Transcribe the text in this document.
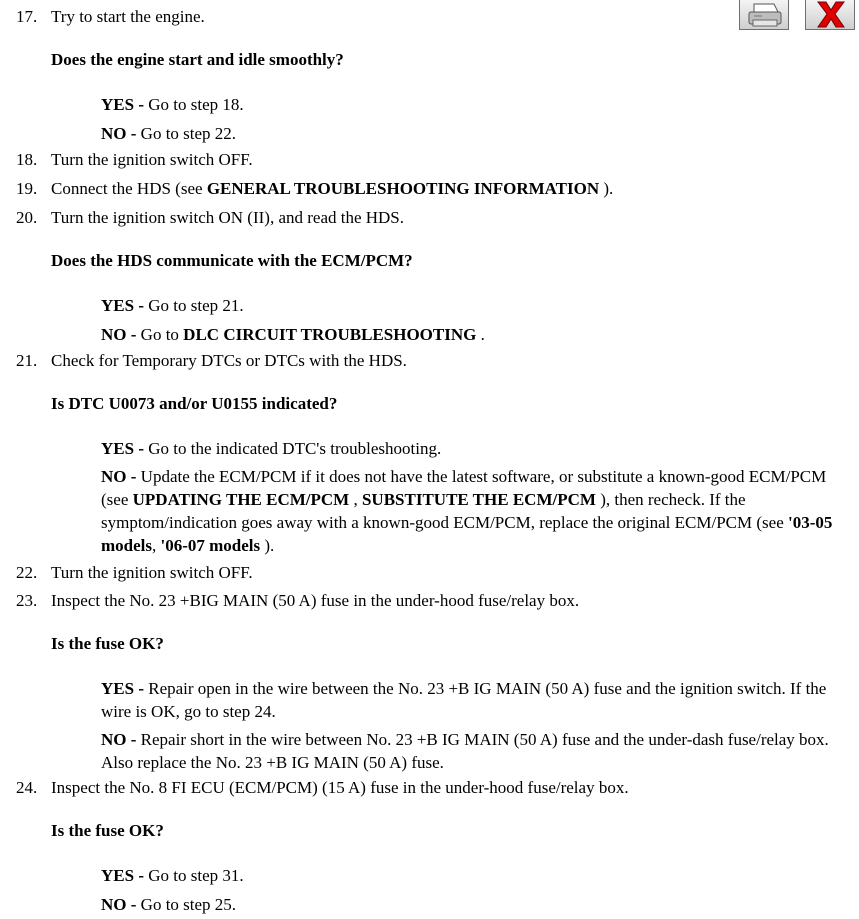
17. Try to start the engine.
Does the engine start and idle smoothly?
YES - Go to step 18.
NO - Go to step 22.
18. Turn the ignition switch OFF.
19. Connect the HDS (see GENERAL TROUBLESHOOTING INFORMATION ).
20. Turn the ignition switch ON (II), and read the HDS.
Does the HDS communicate with the ECM/PCM?
YES - Go to step 21.
NO - Go to DLC CIRCUIT TROUBLESHOOTING .
21. Check for Temporary DTCs or DTCs with the HDS.
Is DTC U0073 and/or U0155 indicated?
YES - Go to the indicated DTC's troubleshooting.
NO - Update the ECM/PCM if it does not have the latest software, or substitute a known-good ECM/PCM (see UPDATING THE ECM/PCM , SUBSTITUTE THE ECM/PCM ), then recheck. If the symptom/indication goes away with a known-good ECM/PCM, replace the original ECM/PCM (see '03-05 models, '06-07 models ).
22. Turn the ignition switch OFF.
23. Inspect the No. 23 +BIG MAIN (50 A) fuse in the under-hood fuse/relay box.
Is the fuse OK?
YES - Repair open in the wire between the No. 23 +B IG MAIN (50 A) fuse and the ignition switch. If the wire is OK, go to step 24.
NO - Repair short in the wire between No. 23 +B IG MAIN (50 A) fuse and the under-dash fuse/relay box. Also replace the No. 23 +B IG MAIN (50 A) fuse.
24. Inspect the No. 8 FI ECU (ECM/PCM) (15 A) fuse in the under-hood fuse/relay box.
Is the fuse OK?
YES - Go to step 31.
NO - Go to step 25.
